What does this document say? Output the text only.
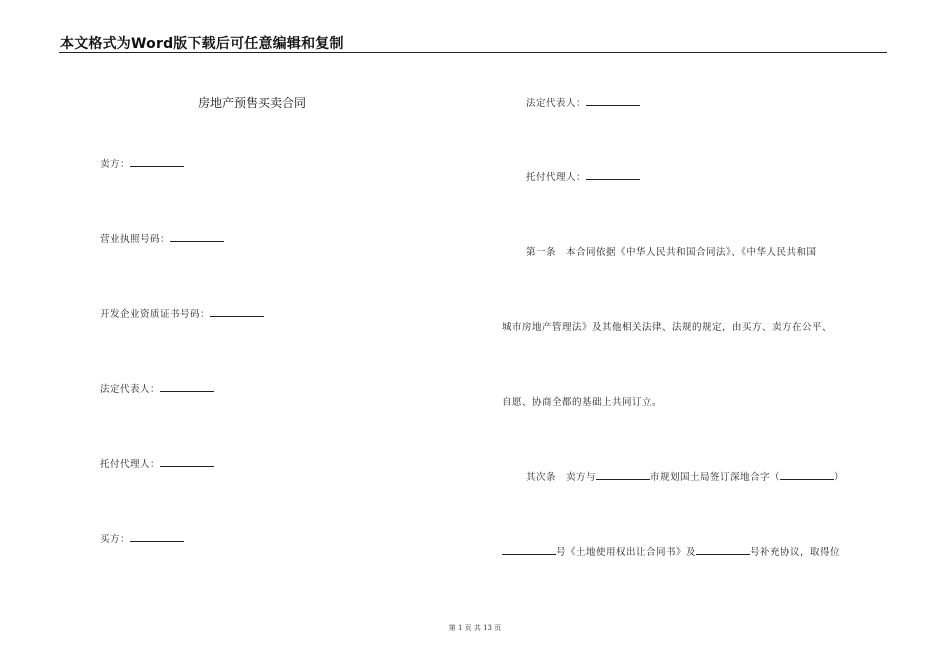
本文格式为Word版下载后可任意编辑和复制
房地产预售买卖合同
卖方：
营业执照号码：
开发企业资质证书号码：
法定代表人：
托付代理人：
买方：
法定代表人：
托付代理人：
第一条　本合同依据《中华人民共和国合同法》、《中华人民共和国
城市房地产管理法》及其他相关法律、法规的规定，由买方、卖方在公平、
自愿、协商全都的基础上共同订立。
其次条　卖方与	市规划国土局签订深地合字（	）
号《土地使用权出让合同书》及	号补充协议，取得位
第 1 页 共 13 页
